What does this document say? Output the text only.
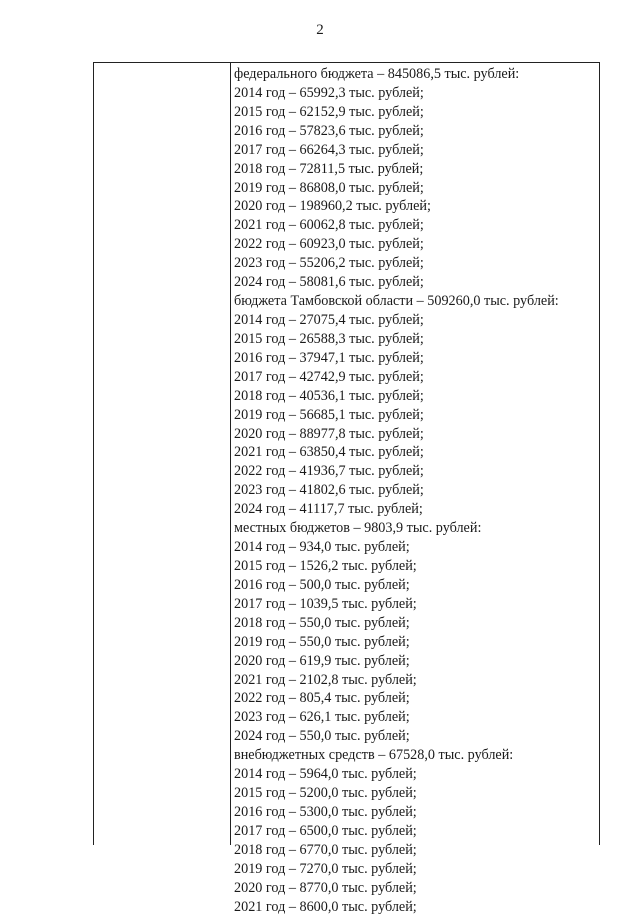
2
федерального бюджета – 845086,5 тыс. рублей:
2014 год – 65992,3 тыс. рублей;
2015 год – 62152,9 тыс. рублей;
2016 год – 57823,6 тыс. рублей;
2017 год – 66264,3 тыс. рублей;
2018 год – 72811,5 тыс. рублей;
2019 год – 86808,0 тыс. рублей;
2020 год – 198960,2 тыс. рублей;
2021 год – 60062,8 тыс. рублей;
2022 год – 60923,0 тыс. рублей;
2023 год – 55206,2 тыс. рублей;
2024 год – 58081,6 тыс. рублей;
бюджета Тамбовской области – 509260,0 тыс. рублей:
2014 год – 27075,4 тыс. рублей;
2015 год – 26588,3 тыс. рублей;
2016 год – 37947,1 тыс. рублей;
2017 год – 42742,9 тыс. рублей;
2018 год – 40536,1 тыс. рублей;
2019 год – 56685,1 тыс. рублей;
2020 год – 88977,8 тыс. рублей;
2021 год – 63850,4 тыс. рублей;
2022 год – 41936,7 тыс. рублей;
2023 год – 41802,6 тыс. рублей;
2024 год – 41117,7 тыс. рублей;
местных бюджетов – 9803,9 тыс. рублей:
2014 год – 934,0 тыс. рублей;
2015 год – 1526,2 тыс. рублей;
2016 год – 500,0 тыс. рублей;
2017 год – 1039,5 тыс. рублей;
2018 год – 550,0 тыс. рублей;
2019 год – 550,0 тыс. рублей;
2020 год – 619,9 тыс. рублей;
2021 год – 2102,8 тыс. рублей;
2022 год – 805,4 тыс. рублей;
2023 год – 626,1 тыс. рублей;
2024 год – 550,0 тыс. рублей;
внебюджетных средств – 67528,0 тыс. рублей:
2014 год – 5964,0 тыс. рублей;
2015 год – 5200,0 тыс. рублей;
2016 год – 5300,0 тыс. рублей;
2017 год – 6500,0 тыс. рублей;
2018 год – 6770,0 тыс. рублей;
2019 год – 7270,0 тыс. рублей;
2020 год – 8770,0 тыс. рублей;
2021 год – 8600,0 тыс. рублей;
